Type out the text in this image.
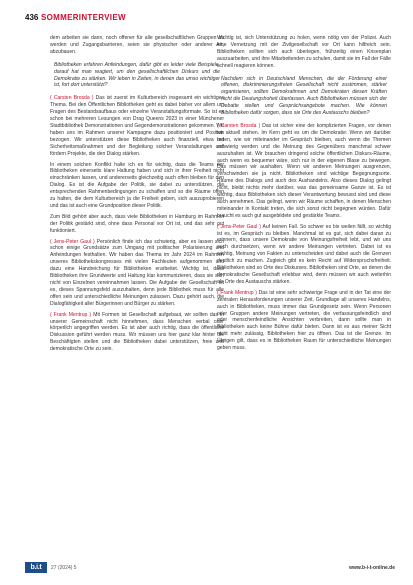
436 SOMMERINTERVIEW

dem arbeiten sie dann, noch offener für alle gesellschaftlichen Gruppen zu werden und Zugangsbarrieren, seien sie physischer oder anderer Art, abzubauen.

Bibliotheken erfahren Anfeindungen, dafür gibt es leider viele Beispiele, darauf hat man reagiert, um den gesellschaftlichen Diskurs und die Demokratie zu stärken. Wir leben in Zeiten, in denen das umso wichtiger ist, fort dort unterstützt?

( Carsten Brosda ) Das ist zuerst im Kulturbereich insgesamt ein wichtiges Thema. Bei den Öffentlichen Bibliotheken geht es dabei bisher vor allem um Fragen des Bestandsaufbaus oder einzelne Veranstaltungsformate. So ist es schon bei mehreren Lesungen von Drag Queens 2023 in einer Münchener Stadtbibliothek Demonstrationen und Gegendemonstrationen gekommen. Wir haben uns im Rahmen unserer Kampagne dazu positioniert und Position bezogen. Wir unterstützen diese Bibliotheken auch finanziell, etwa bei Sicherheitsmaßnahmen und der Begleitung solcher Veranstaltungen und fördern Projekte, die den Dialog stärken.

In einem solchen Konflikt halte ich es für wichtig, dass die Teams der Bibliotheken einerseits klare Haltung haben und sich in ihrer Freiheit nicht einschränken lassen, und andererseits gleichzeitig auch offen bleiben für den Dialog. Es ist die Aufgabe der Politik, sie dabei zu unterstützen, die entsprechenden Rahmenbedingungen zu schaffen und so die Räume offen zu halten, die dem Kulturbereich ja die Freiheit geben, sich auszuprobieren und das ist auch eine Grundposition dieser Politik.

Zum Bild gehört aber auch, dass viele Bibliotheken in Hamburg im Rahmen der Politik gestärkt sind, ohne dass Personal vor Ort ist, und das sehr gut funktioniert.

( Jens-Peter Gaul ) Persönlich finde ich das schwierig, aber es lassen sich schon einige Grundsätze zum Umgang mit politischer Polarisierung und Anfeindungen festhalten. Wir haben das Thema im Jahr 2024 im Rahmen unseres Bibliothekskongresses mit vielen Fachleuten aufgenommen und dazu eine Handreichung für Bibliotheken erarbeitet. Wichtig ist, dass Bibliotheken ihre Grundwerte und Haltung klar kommunizieren, dass sie sich nicht von Einzelnen vereinnahmen lassen. Die Aufgabe der Gesellschaft ist es, dieses Spannungsfeld auszuhalten, denn jede Bibliothek muss für alle offen sein und unterschiedliche Meinungen zulassen. Dazu gehört auch, die Dialogfähigkeit aller Bürgerinnen und Bürger zu stärken.

( Frank Mentrup ) Mit Formen ist Gesellschaft aufgebaut, wir sollten das in unserer Gemeinschaft nicht hinnehmen, dass Menschen verbal oder körperlich angegriffen werden. Es ist aber auch richtig, dass die öffentliche Diskussion geführt werden muss. Wir müssen uns hier ganz klar hinter die Beschäftigten stellen und die Bibliotheken dabei unterstützen, freie und demokratische Orte zu sein.

Wichtig ist, sich Unterstützung zu holen, wenn nötig von der Polizei. Auch eine Vernetzung mit der Zivilgesellschaft vor Ort kann hilfreich sein. Bibliotheken sollten sich auch überlegen, frühzeitig einen Krisenplan auszuarbeiten, und ihre Mitarbeitenden zu schulen, damit sie im Fall der Fälle schnell reagieren können.

Nachdem sich in Deutschland Menschen, die der Förderung einer offenen, diskriminierungsfreien Gesellschaft nicht zustimmen, stärker organisieren, sollten Demokratinnen und Demokraten diesen Kräften nicht die Deutungshoheit überlassen. Auch Bibliotheken müssen sich der Debatte stellen und Gesprächsangebote machen. Wie können Bibliotheken dafür sorgen, dass sie Orte des Austauschs bleiben?

( Carsten Brosda ) Das ist sicher eine der komplizierten Fragen, vor denen wir aktuell stehen. Im Kern geht es um die Demokratie: Wenn wir darüber reden, wie wir miteinander im Gespräch bleiben, auch wenn die Themen schwierig werden und die Meinung des Gegenübers manchmal schwer auszuhalten ist. Wir brauchen dringend solche öffentlichen Diskurs-Räume, auch wenn es bequemer wäre, sich nur in der eigenen Blase zu bewegen. Das müssen wir aushalten. Wenn wir anderen Meinungen ausgrenzen, verschwinden sie ja nicht. Bibliotheken sind wichtige Begegnungsorte. Räume des Dialogs und auch des Aushandelns. Also dieses Dialog gelingt nicht, bleibt nichts mehr darüber, was das gemeinsame Ganze ist. Es ist wichtig, dass Bibliotheken sich dieser Verantwortung bewusst sind und diese auch annehmen. Das gelingt, wenn wir Räume schaffen, in denen Menschen miteinander in Kontakt treten, die sich sonst nicht begegnen würden. Dafür braucht es auch gut ausgebildete und gestärkte Teams.

( Jens-Peter Gaul ) Auf keinen Fall. So schwer es bis weilen fällt, so wichtig ist es, im Gespräch zu bleiben. Manchmal ist es gut, sich dabei daran zu erinnern, dass unsere Demokratie von Meinungsfreiheit lebt, und wir uns auch durchsetzen, wenn wir andere Meinungen vertreten. Dabei ist es wichtig, Meinung von Fakten zu unterscheiden und dabei auch die Grenzen deutlich zu machen. Zugleich gibt es kein Recht auf Widerspruchsfreiheit. Bibliotheken sind so Orte des Diskurses. Bibliotheken sind Orte, an denen die demokratische Gesellschaft erlebbar wird, denn müssen wir auch weiterhin als Orte des Austauschs stärken.

( Frank Mentrup ) Das ist eine sehr schwierige Frage und in der Tat eine der zentralen Herausforderungen unserer Zeit. Grundlage all unseres Handelns, auch in Bibliotheken, muss immer das Grundgesetz sein. Wenn Personen oder Gruppen andere Meinungen vertreten, die verfassungsfeindlich sind oder menschenfeindliche Ansichten verbreiten, dann sollte man in Bibliotheken auch keine Bühne dafür bieten. Dann ist es aus meiner Sicht nicht mehr zulässig, Bibliotheken hier zu öffnen. Das ist die Grenze. Im Übrigen gilt, dass es in Bibliotheken Raum für unterschiedliche Meinungen geben muss.

b.i.t	27 (2024) 5	www.b-i-t-online.de
